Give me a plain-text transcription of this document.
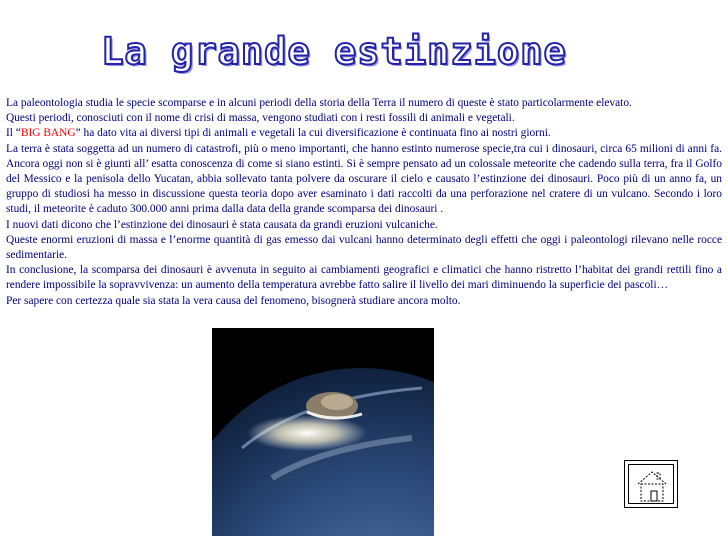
La grande estinzione

La paleontologia studia le specie scomparse e in alcuni periodi della storia della Terra il numero di queste è stato particolarmente elevato.

Questi periodi, conosciuti con il nome di crisi di massa, vengono studiati con i resti fossili di animali e vegetali.

Il “BIG BANG” ha dato vita ai diversi tipi di animali e vegetali la cui diversificazione è continuata fino ai nostri giorni.

La terra è stata soggetta ad un numero di catastrofi, più o meno importanti, che hanno estinto numerose specie,tra cui i dinosauri, circa 65 milioni di anni fa. Ancora oggi non si è giunti all’ esatta conoscenza di come si siano estinti. Si è sempre pensato ad un colossale meteorite che cadendo sulla terra, fra il Golfo del Messico e la penisola dello Yucatan, abbia sollevato tanta polvere da oscurare il cielo e causato l’estinzione dei dinosauri. Poco più di un anno fa, un gruppo di studiosi ha messo in discussione questa teoria dopo aver esaminato i dati raccolti da una perforazione nel cratere di un vulcano. Secondo i loro studi, il meteorite è caduto 300.000 anni prima dalla data della grande scomparsa dei dinosauri .

I nuovi dati dicono che l’estinzione dei dinosauri è stata causata da grandi eruzioni vulcaniche.

Queste enormi eruzioni di massa e l’enorme quantità di gas emesso dai vulcani hanno determinato degli effetti che oggi i paleontologi rilevano nelle rocce sedimentarie.

In conclusione, la scomparsa dei dinosauri è avvenuta in seguito ai cambiamenti geografici e climatici che hanno ristretto l’habitat dei grandi rettili fino a rendere impossibile la sopravvivenza: un aumento della temperatura avrebbe fatto salire il livello dei mari diminuendo la superficie dei pascoli…

Per sapere con certezza quale sia stata la vera causa del fenomeno, bisognerà studiare ancora molto.
